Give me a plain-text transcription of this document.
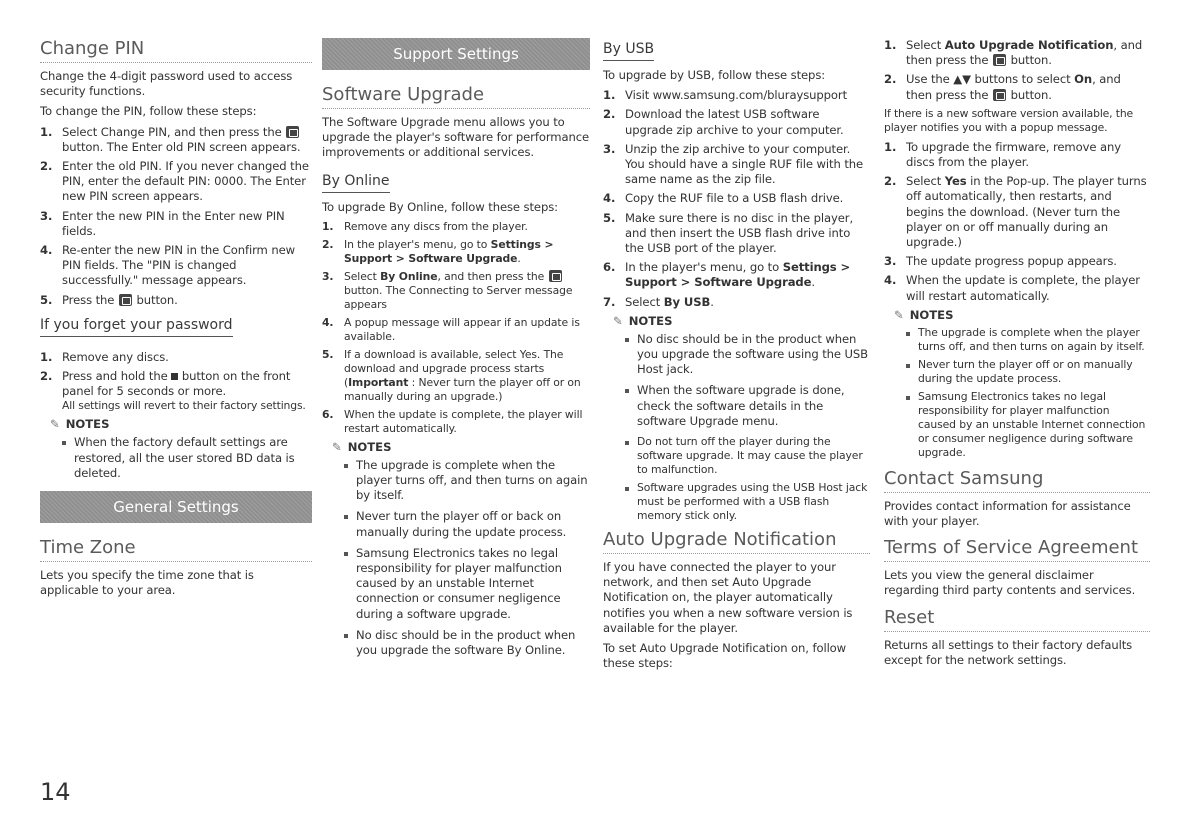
Change PIN

Change the 4-digit password used to access security functions.

To change the PIN, follow these steps:

1. Select Change PIN, and then press the  button. The Enter old PIN screen appears.
2. Enter the old PIN. If you never changed the PIN, enter the default PIN: 0000. The Enter new PIN screen appears.
3. Enter the new PIN in the Enter new PIN fields.
4. Re-enter the new PIN in the Confirm new PIN fields. The "PIN is changed successfully." message appears.
5. Press the button.
If you forget your password
1. Remove any discs.
2. Press and hold the button on the front panel for 5 seconds or more.
All settings will revert to their factory settings.
✎ NOTES
When the factory default settings are restored, all the user stored BD data is deleted.
General Settings
Time Zone

Lets you specify the time zone that is applicable to your area.

Support Settings
Software Upgrade

The Software Upgrade menu allows you to upgrade the player's software for performance improvements or additional services.

By Online

To upgrade By Online, follow these steps:

1. Remove any discs from the player.
2. In the player's menu, go to Settings > Support > Software Upgrade.
3. Select By Online, and then press the  button. The Connecting to Server message appears
4. A popup message will appear if an update is available.
5. If a download is available, select Yes. The download and upgrade process starts (Important : Never turn the player off or on manually during an upgrade.)
6. When the update is complete, the player will restart automatically.
✎ NOTES
The upgrade is complete when the player turns off, and then turns on again by itself.
Never turn the player off or back on manually during the update process.
Samsung Electronics takes no legal responsibility for player malfunction caused by an unstable Internet connection or consumer negligence during a software upgrade.
No disc should be in the product when you upgrade the software By Online.
By USB

To upgrade by USB, follow these steps:

1. Visit www.samsung.com/bluraysupport
2. Download the latest USB software upgrade zip archive to your computer.
3. Unzip the zip archive to your computer. You should have a single RUF file with the same name as the zip file.
4. Copy the RUF file to a USB flash drive.
5. Make sure there is no disc in the player, and then insert the USB flash drive into the USB port of the player.
6. In the player's menu, go to Settings > Support > Software Upgrade.
7. Select By USB.
✎ NOTES
No disc should be in the product when you upgrade the software using the USB Host jack.
When the software upgrade is done, check the software details in the software Upgrade menu.
Do not turn off the player during the software upgrade. It may cause the player to malfunction.
Software upgrades using the USB Host jack must be performed with a USB flash memory stick only.
Auto Upgrade Notification

If you have connected the player to your network, and then set Auto Upgrade Notification on, the player automatically notifies you when a new software version is available for the player.

To set Auto Upgrade Notification on, follow these steps:

1. Select Auto Upgrade Notification, and then press the button.
2. Use the ▲▼ buttons to select On, and then press the button.

If there is a new software version available, the player notifies you with a popup message.

1. To upgrade the firmware, remove any discs from the player.
2. Select Yes in the Pop-up. The player turns off automatically, then restarts, and begins the download. (Never turn the player on or off manually during an upgrade.)
3. The update progress popup appears.
4. When the update is complete, the player will restart automatically.
✎ NOTES
The upgrade is complete when the player turns off, and then turns on again by itself.
Never turn the player off or on manually during the update process.
Samsung Electronics takes no legal responsibility for player malfunction caused by an unstable Internet connection or consumer negligence during software upgrade.
Contact Samsung

Provides contact information for assistance with your player.

Terms of Service Agreement

Lets you view the general disclaimer regarding third party contents and services.

Reset

Returns all settings to their factory defaults except for the network settings.

14
